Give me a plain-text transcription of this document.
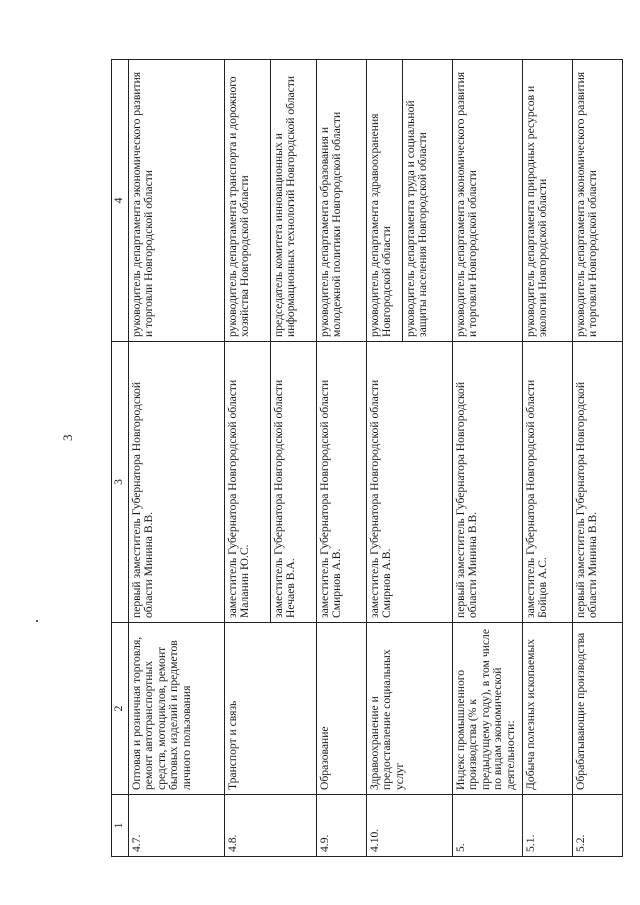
3
1	2	3	4
4.7.	Оптовая и розничная торговля, ремонт автотранспортных средств, мотоциклов, ремонт бытовых изделий и предметов личного пользования	первый заместитель Губернатора Новгородской области Минина В.В.	руководитель департамента экономического развития и торговли Новгородской области
4.8.	Транспорт и связь	заместитель Губернатора Новгородской области Маланин Ю.С.	руководитель департамента транспорта и дорожного хозяйства Новгородской области
		заместитель Губернатора Новгородской области Нечаев В.А.	председатель комитета инновационных и информационных технологий Новгородской области
4.9.	Образование	заместитель Губернатора Новгородской области Смирнов А.В.	руководитель департамента образования и молодежной политики Новгородской области
4.10.	Здравоохранение и предоставление социальных услуг	заместитель Губернатора Новгородской области Смирнов А.В.	руководитель департамента здравоохранения Новгородской области
			руководитель департамента труда и социальной защиты населения Новгородской области
5.	Индекс промышленного производства (% к предыдущему году), в том числе по видам экономической деятельности:	первый заместитель Губернатора Новгородской области Минина В.В.	руководитель департамента экономического развития и торговли Новгородской области
5.1.	Добыча полезных ископаемых	заместитель Губернатора Новгородской области Бойцов А.С.	руководитель департамента природных ресурсов и экологии Новгородской области
5.2.	Обрабатывающие производства	первый заместитель Губернатора Новгородской области Минина В.В.	руководитель департамента экономического развития и торговли Новгородской области
